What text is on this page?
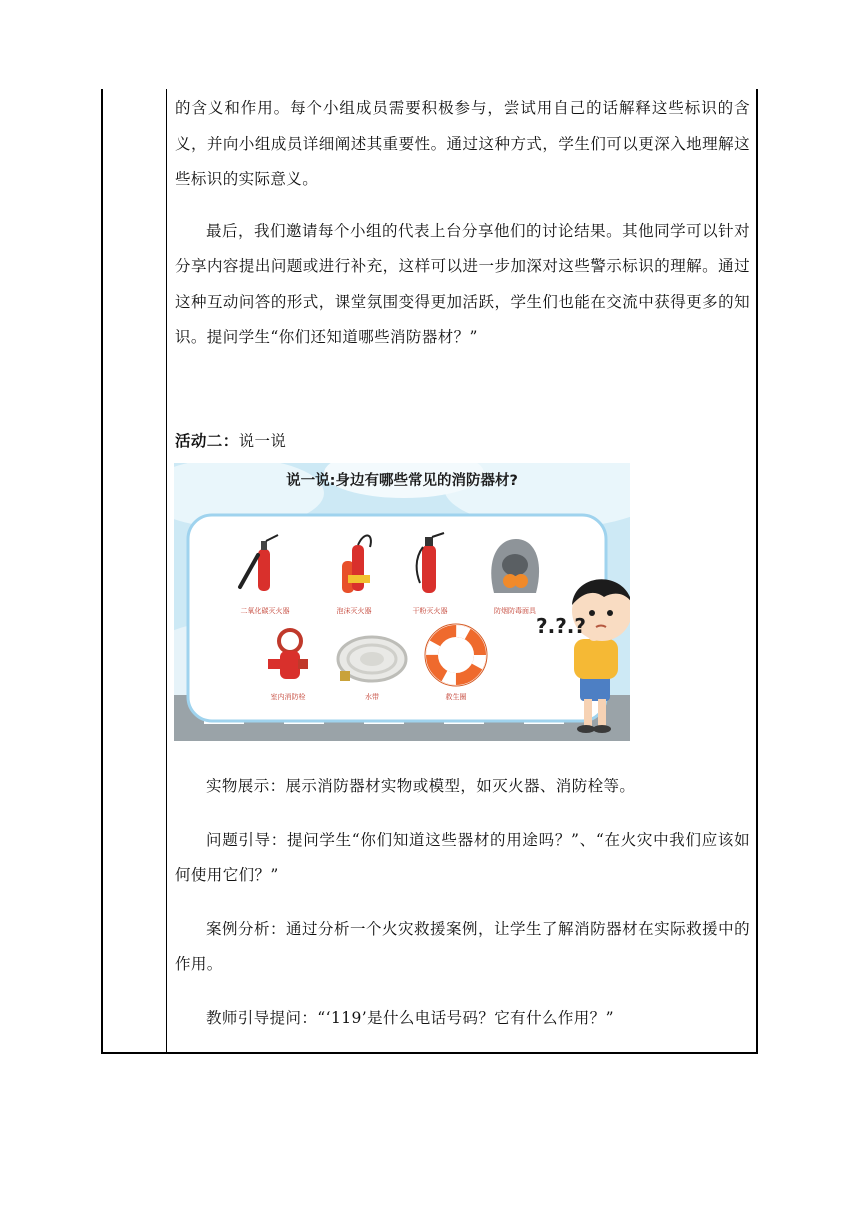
的含义和作用。每个小组成员需要积极参与，尝试用自己的话解释这些标识的含义，并向小组成员详细阐述其重要性。通过这种方式，学生们可以更深入地理解这些标识的实际意义。

最后，我们邀请每个小组的代表上台分享他们的讨论结果。其他同学可以针对分享内容提出问题或进行补充，这样可以进一步加深对这些警示标识的理解。通过这种互动问答的形式，课堂氛围变得更加活跃，学生们也能在交流中获得更多的知识。提问学生“你们还知道哪些消防器材？”

活动二：说一说

说一说:身边有哪些常见的消防器材?
二氧化碳灭火器	泡沫灭火器	干粉灭火器	防烟防毒面具
室内消防栓	水带	救生圈
?.?.?

实物展示：展示消防器材实物或模型，如灭火器、消防栓等。

问题引导：提问学生“你们知道这些器材的用途吗？”、“在火灾中我们应该如何使用它们？”

案例分析：通过分析一个火灾救援案例，让学生了解消防器材在实际救援中的作用。

教师引导提问：“‘119’是什么电话号码？它有什么作用？”
